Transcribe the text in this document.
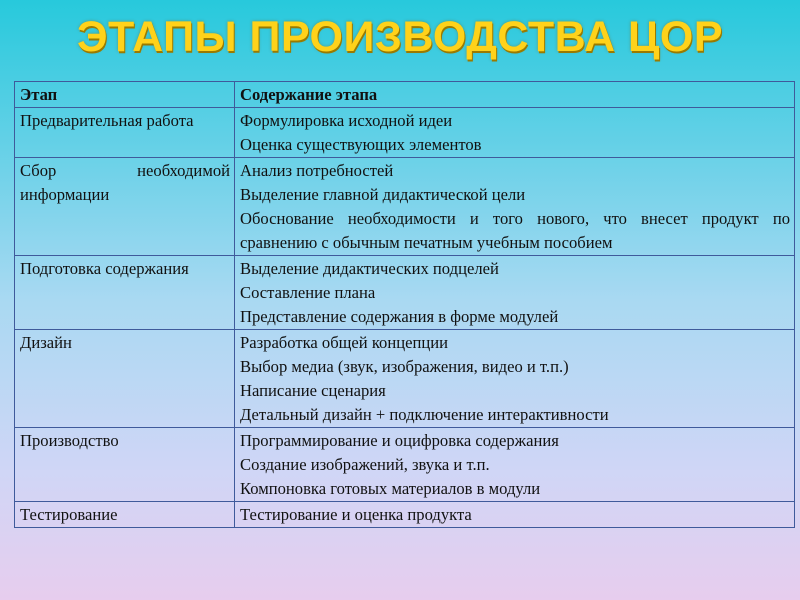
ЭТАПЫ ПРОИЗВОДСТВА ЦОР
Этап	Содержание этапа
Предварительная работа	Формулировка исходной идеи
Оценка существующих элементов

Сбор необходимой информации	Анализ потребностей
Выделение главной дидактической цели
Обоснование необходимости и того нового, что внесет продукт по сравнению с обычным печатным учебным пособием

Подготовка содержания	Выделение дидактических подцелей
Составление плана
Представление содержания в форме модулей

Дизайн	Разработка общей концепции
Выбор медиа (звук, изображения, видео и т.п.)
Написание сценария
Детальный дизайн + подключение интерактивности

Производство	Программирование и оцифровка содержания
Создание изображений, звука и т.п.
Компоновка готовых материалов в модули

Тестирование	Тестирование и оценка продукта
